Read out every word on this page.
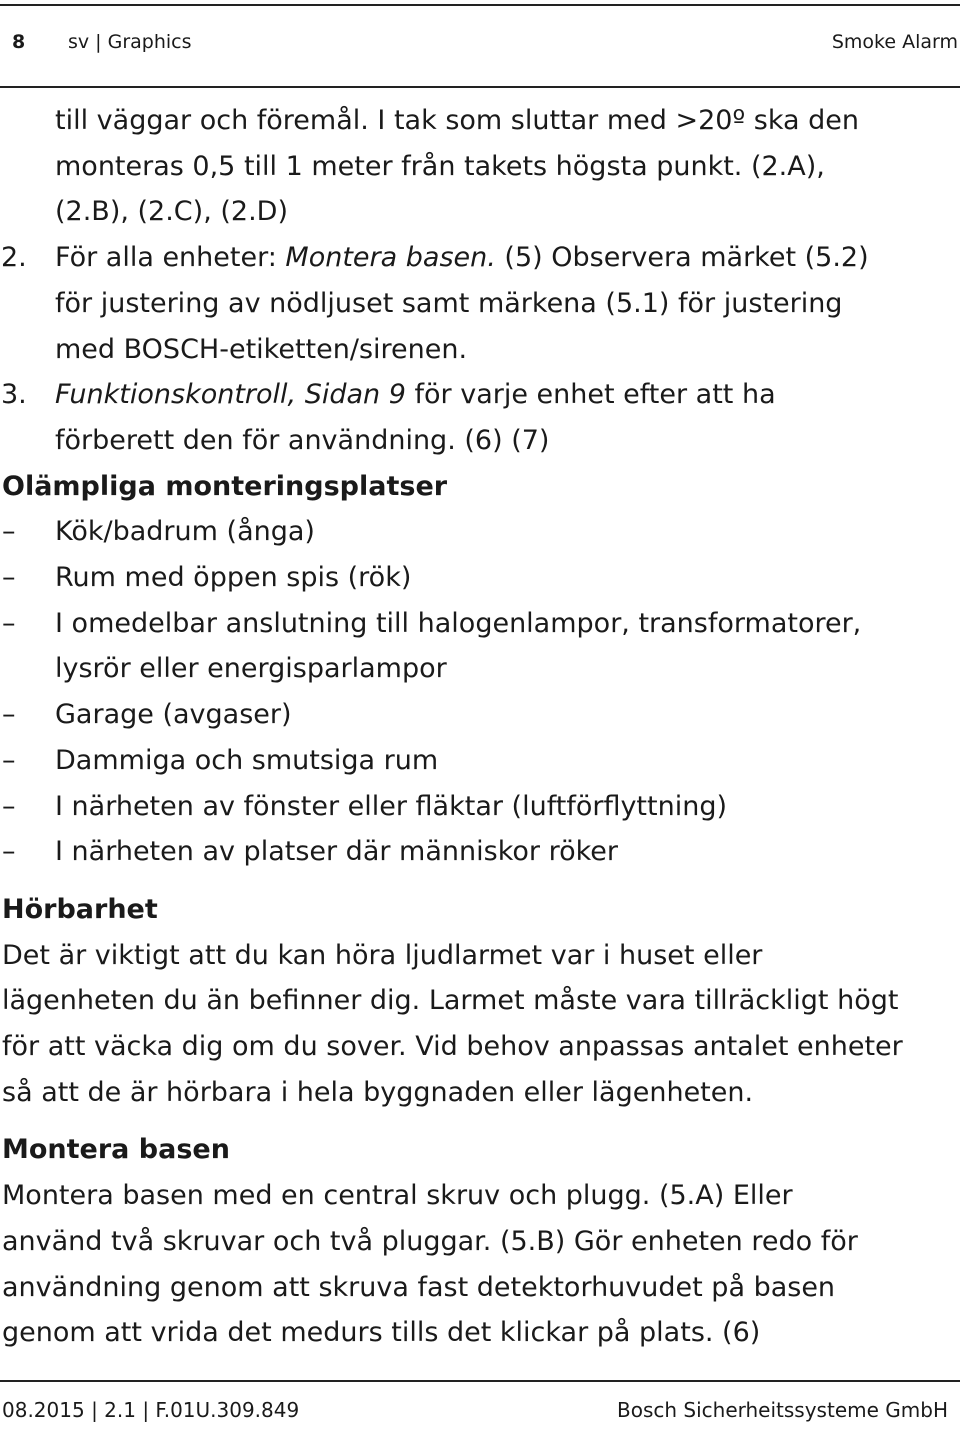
8 sv | Graphics	Smoke Alarm

till väggar och föremål. I tak som sluttar med >20º ska den

monteras 0,5 till 1 meter från takets högsta punkt. (2.A),

(2.B), (2.C), (2.D)

2. För alla enheter: Montera basen. (5) Observera märket (5.2)
för justering av nödljuset samt märkena (5.1) för justering
med BOSCH-etiketten/sirenen.
3. Funktionskontroll, Sidan 9 för varje enhet efter att ha
förberett den för användning. (6) (7)
Olämpliga monteringsplatser
– Kök/badrum (ånga)
– Rum med öppen spis (rök)
– I omedelbar anslutning till halogenlampor, transformatorer,
lysrör eller energisparlampor
– Garage (avgaser)
– Dammiga och smutsiga rum
– I närheten av fönster eller fläktar (luftförflyttning)
– I närheten av platser där människor röker
Hörbarhet
Det är viktigt att du kan höra ljudlarmet var i huset eller
lägenheten du än befinner dig. Larmet måste vara tillräckligt högt
för att väcka dig om du sover. Vid behov anpassas antalet enheter
så att de är hörbara i hela byggnaden eller lägenheten.
Montera basen
Montera basen med en central skruv och plugg. (5.A) Eller
använd två skruvar och två pluggar. (5.B) Gör enheten redo för
användning genom att skruva fast detektorhuvudet på basen
genom att vrida det medurs tills det klickar på plats. (6)
08.2015 | 2.1 | F.01U.309.849	Bosch Sicherheitssysteme GmbH
